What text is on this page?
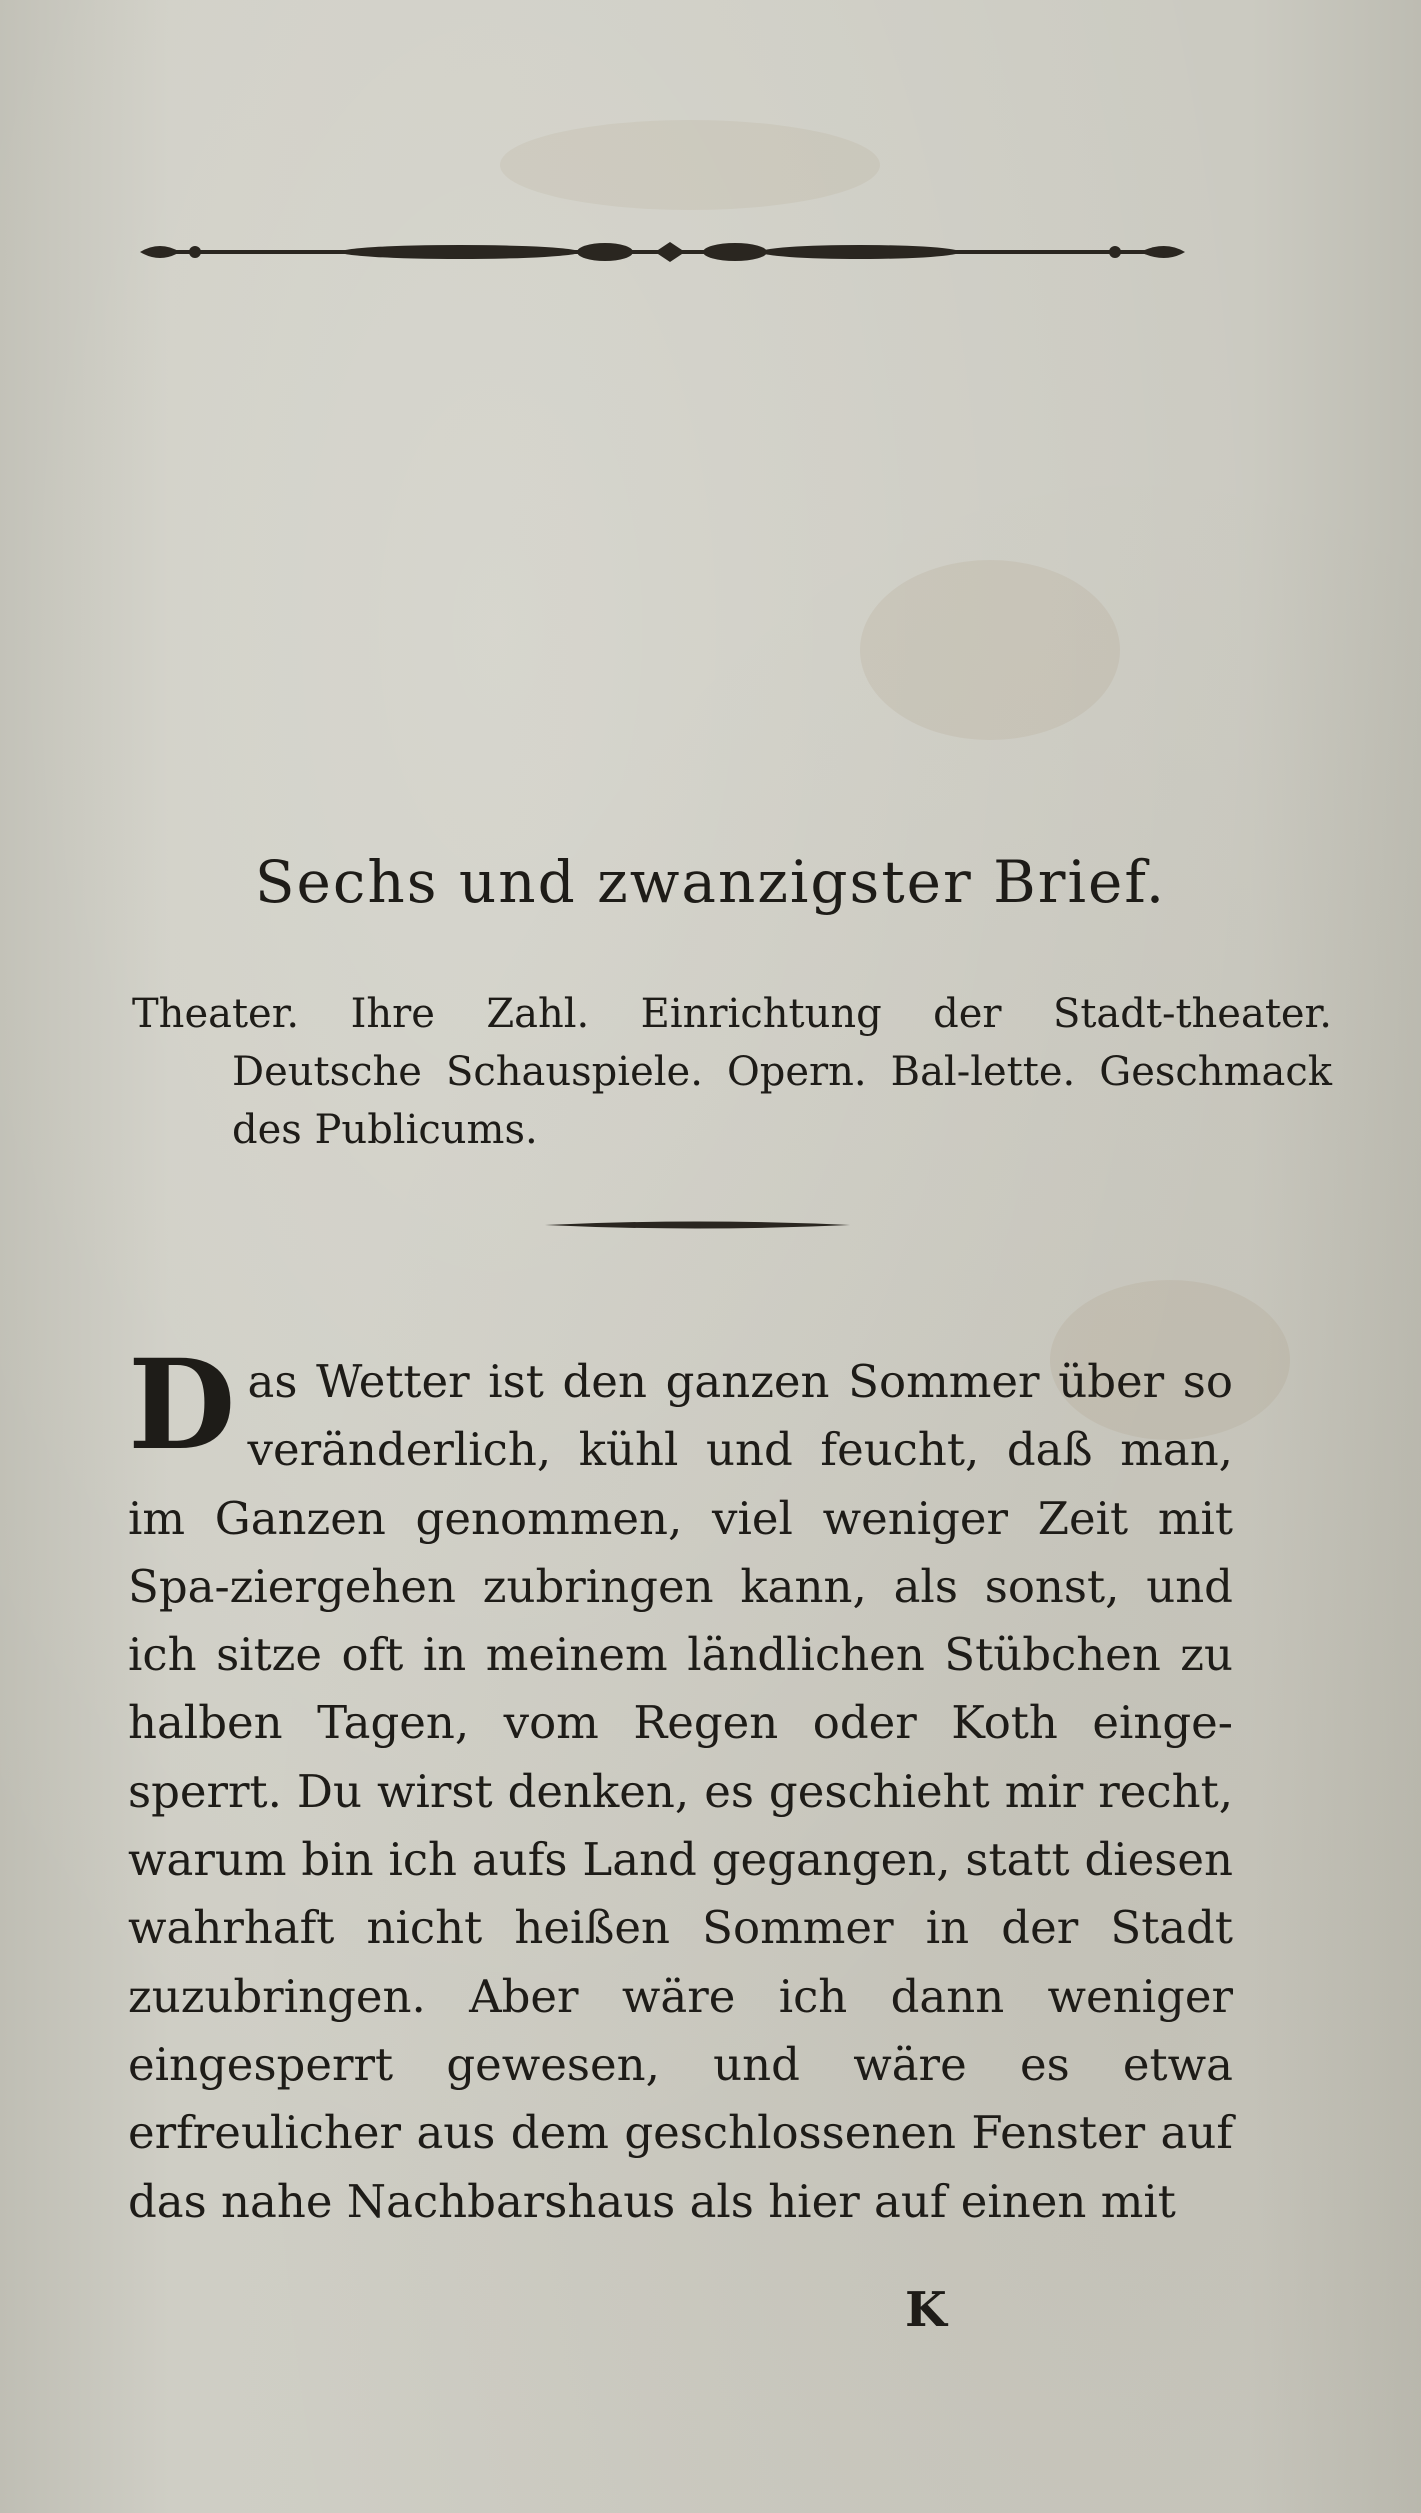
Sechs und zwanzigster Brief.
Theater. Ihre Zahl. Einrichtung der Stadt-theater. Deutsche Schauspiele. Opern. Bal-lette. Geschmack des Publicums.
D as Wetter ist den ganzen Sommer über so veränderlich, kühl und feucht, daß man, im Ganzen genommen, viel weniger Zeit mit Spa-ziergehen zubringen kann, als sonst, und ich sitze oft in meinem ländlichen Stübchen zu halben Tagen, vom Regen oder Koth einge-sperrt. Du wirst denken, es geschieht mir recht, warum bin ich aufs Land gegangen, statt diesen wahrhaft nicht heißen Sommer in der Stadt zuzubringen. Aber wäre ich dann weniger eingesperrt gewesen, und wäre es etwa erfreulicher aus dem geschlossenen Fenster auf das nahe Nachbarshaus als hier auf einen mit
K
